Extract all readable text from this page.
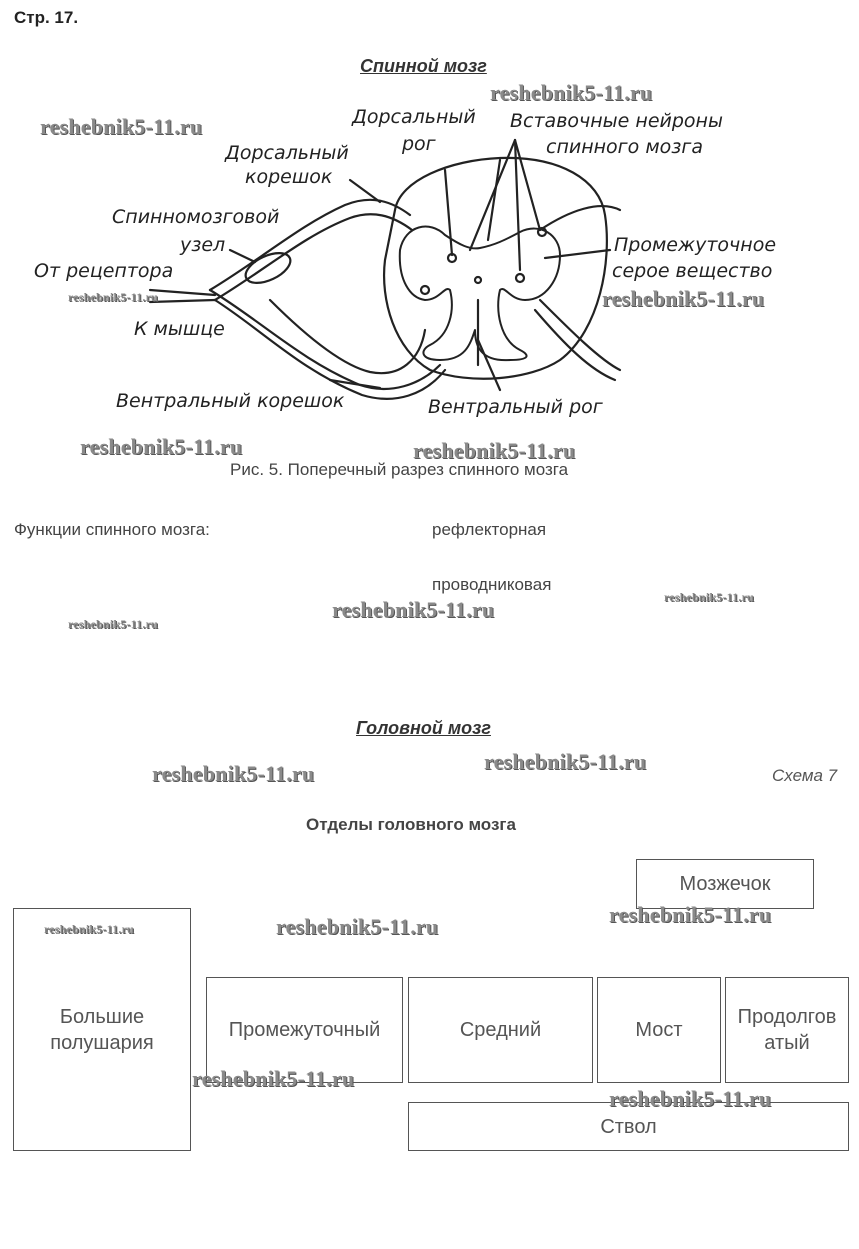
Стр. 17.
Спинной мозг
Дорсальный
рог
Вставочные нейроны
спинного мозга
Дорсальный
корешок
Спинномозговой
узел
От рецептора
К мышце
Промежуточное
серое вещество
Вентральный корешок	Вентральный рог
Рис. 5. Поперечный разрез спинного мозга
Функции спинного мозга:	рефлекторная
проводниковая
Головной мозг
Схема 7
Отделы головного мозга
Мозжечок
Большие полушария
Промежуточный	Средний	Мост
Продолговатый
Ствол
reshebnik5-11.ru
reshebnik5-11.ru
reshebnik5-11.ru
reshebnik5-11.ru
reshebnik5-11.ru	reshebnik5-11.ru
reshebnik5-11.ru	reshebnik5-11.ru
reshebnik5-11.ru
reshebnik5-11.ru
reshebnik5-11.ru
reshebnik5-11.ru
reshebnik5-11.ru
reshebnik5-11.ru
reshebnik5-11.ru
reshebnik5-11.ru
